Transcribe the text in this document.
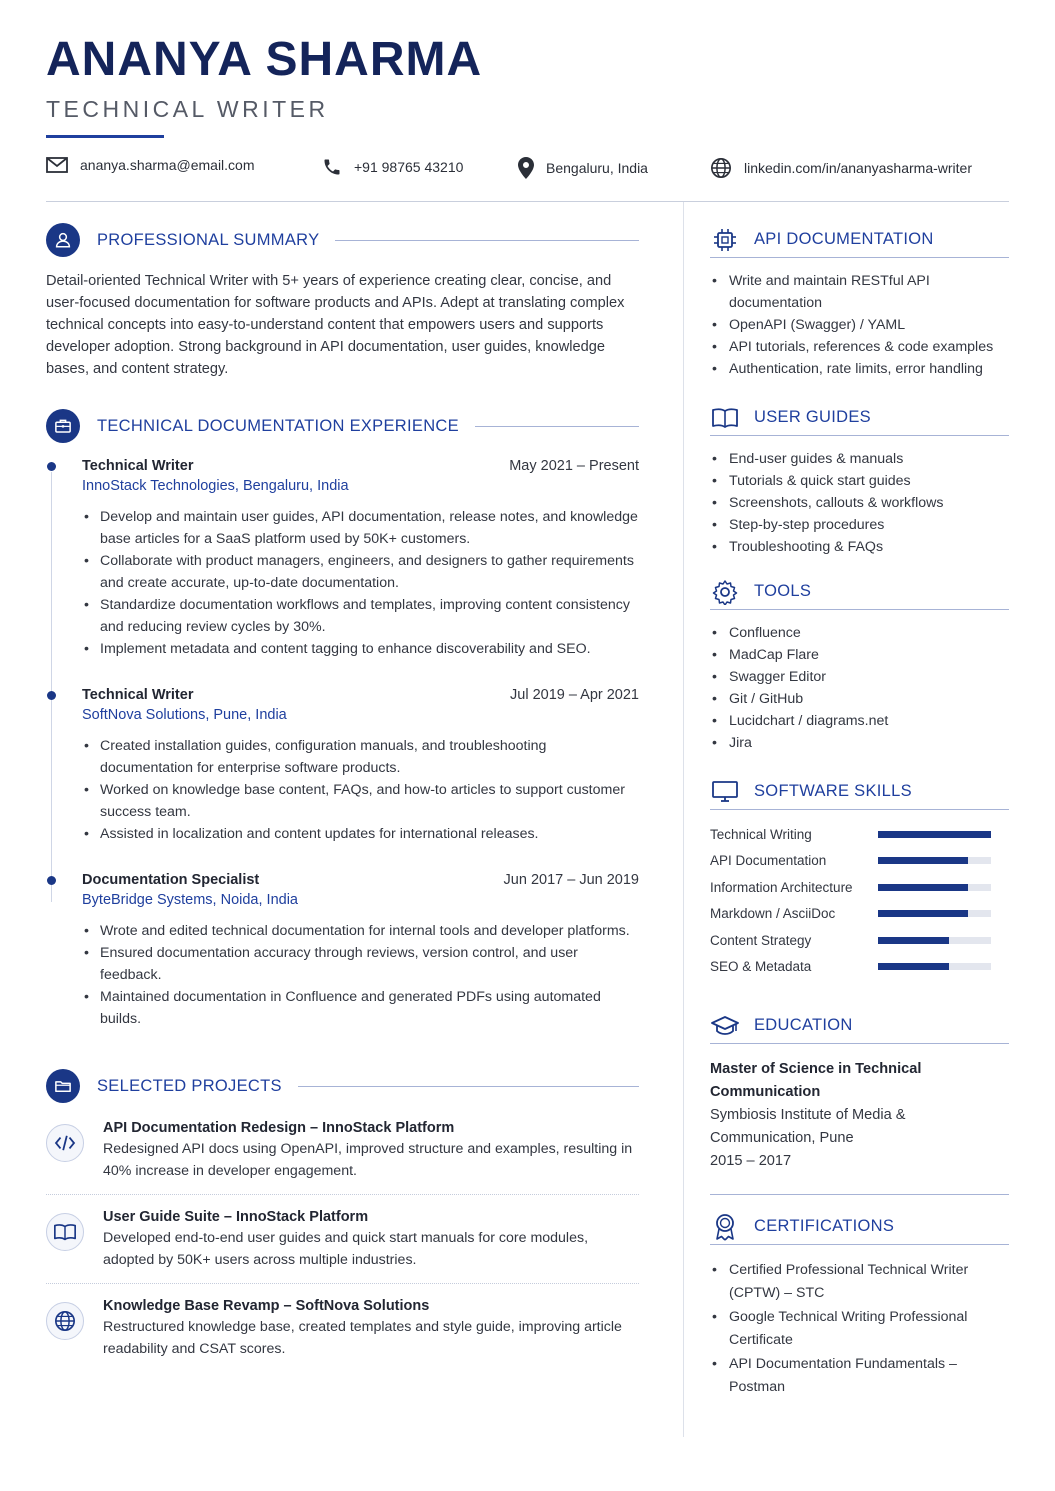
ANANYA SHARMA
TECHNICAL WRITER
ananya.sharma@email.com	+91 98765 43210	Bengaluru, India	linkedin.com/in/ananyasharma-writer
PROFESSIONAL SUMMARY

Detail-oriented Technical Writer with 5+ years of experience creating clear, concise, and user-focused documentation for software products and APIs. Adept at translating complex technical concepts into easy-to-understand content that empowers users and supports developer adoption. Strong background in API documentation, user guides, knowledge bases, and content strategy.

TECHNICAL DOCUMENTATION EXPERIENCE
Technical Writer	May 2021 – Present
InnoStack Technologies, Bengaluru, India
• Develop and maintain user guides, API documentation, release notes, and knowledge base articles for a SaaS platform used by 50K+ customers.
• Collaborate with product managers, engineers, and designers to gather requirements and create accurate, up-to-date documentation.
• Standardize documentation workflows and templates, improving content consistency and reducing review cycles by 30%.
• Implement metadata and content tagging to enhance discoverability and SEO.
Technical Writer	Jul 2019 – Apr 2021
SoftNova Solutions, Pune, India
• Created installation guides, configuration manuals, and troubleshooting documentation for enterprise software products.
• Worked on knowledge base content, FAQs, and how-to articles to support customer success team.
• Assisted in localization and content updates for international releases.
Documentation Specialist	Jun 2017 – Jun 2019
ByteBridge Systems, Noida, India
• Wrote and edited technical documentation for internal tools and developer platforms.
• Ensured documentation accuracy through reviews, version control, and user feedback.
• Maintained documentation in Confluence and generated PDFs using automated builds.
SELECTED PROJECTS
API Documentation Redesign – InnoStack Platform
Redesigned API docs using OpenAPI, improved structure and examples, resulting in 40% increase in developer engagement.
User Guide Suite – InnoStack Platform
Developed end-to-end user guides and quick start manuals for core modules, adopted by 50K+ users across multiple industries.
Knowledge Base Revamp – SoftNova Solutions
Restructured knowledge base, created templates and style guide, improving article readability and CSAT scores.
API DOCUMENTATION
• Write and maintain RESTful API documentation
• OpenAPI (Swagger) / YAML
• API tutorials, references & code examples
• Authentication, rate limits, error handling
USER GUIDES
• End-user guides & manuals
• Tutorials & quick start guides
• Screenshots, callouts & workflows
• Step-by-step procedures
• Troubleshooting & FAQs
TOOLS
• Confluence
• MadCap Flare
• Swagger Editor
• Git / GitHub
• Lucidchart / diagrams.net
• Jira
SOFTWARE SKILLS
Technical Writing
API Documentation
Information Architecture
Markdown / AsciiDoc
Content Strategy
SEO & Metadata
EDUCATION
Master of Science in Technical Communication
Symbiosis Institute of Media & Communication, Pune
2015 – 2017
CERTIFICATIONS
• Certified Professional Technical Writer (CPTW) – STC
• Google Technical Writing Professional Certificate
• API Documentation Fundamentals – Postman
